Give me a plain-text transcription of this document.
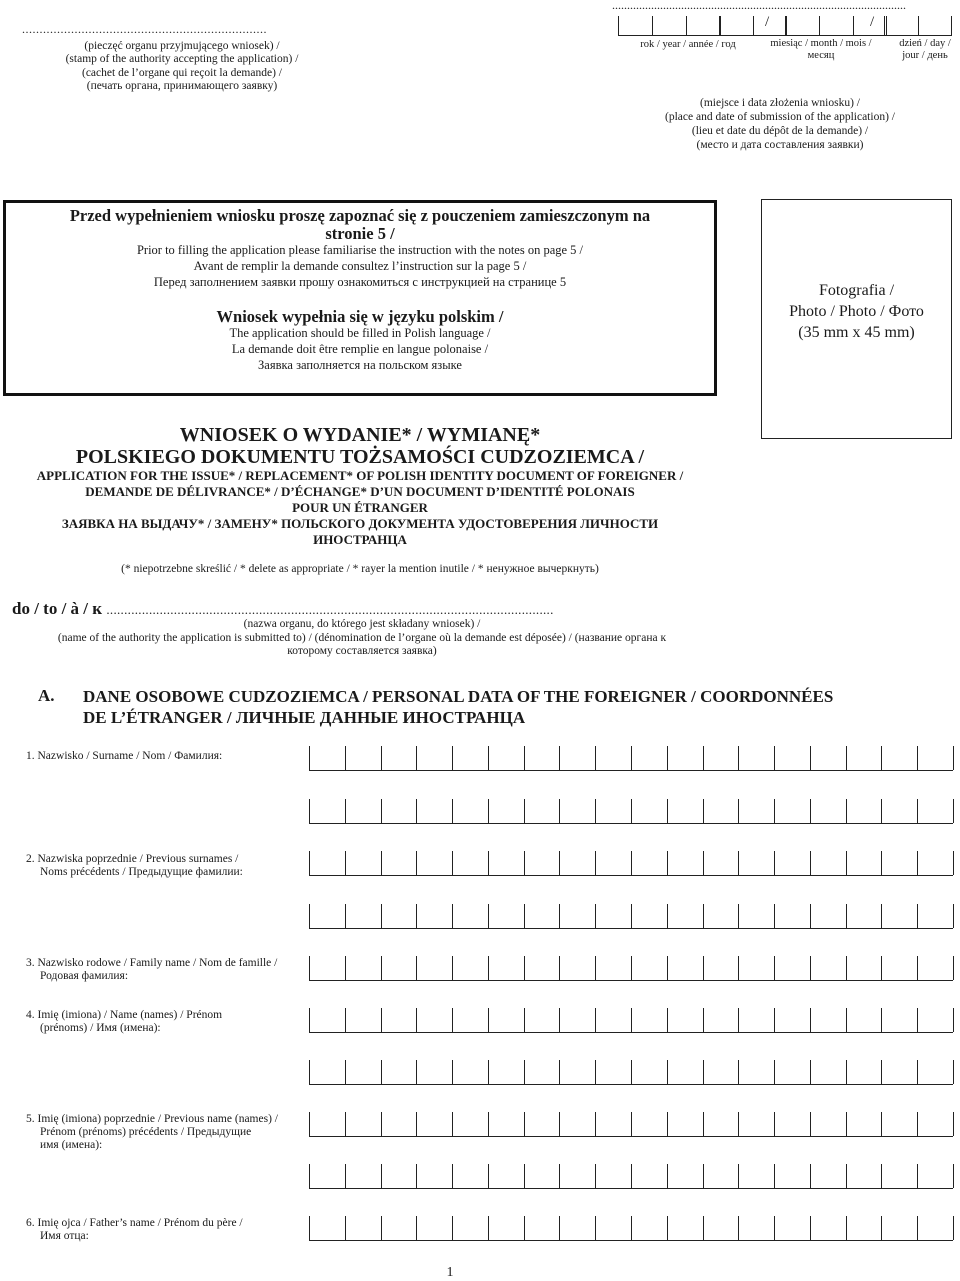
......................................................................
(pieczęć organu przyjmującego wniosek) /
(stamp of the authority accepting the application) /
(cachet de l’organe qui reçoit la demande) /
(печать органа, принимающего заявку)
..................................................................................................
rok / year / année / год	miesiąc / month / mois / месяц
dzień / day / jour / день
/	/
(miejsce i data złożenia wniosku) /
(place and date of submission of the application) /
(lieu et date du dépôt de la demande) /
(место и дата составления заявки)
Przed wypełnieniem wniosku proszę zapoznać się z pouczeniem zamieszczonym na stronie 5 /
Prior to filling the application please familiarise the instruction with the notes on page 5 /
Avant de remplir la demande consultez l’instruction sur la page 5 /
Перед заполнением заявки прошу ознакомиться с инструкцией на странице 5
Wniosek wypełnia się w języku polskim /
The application should be filled in Polish language /
La demande doit être remplie en langue polonaise /
Заявка заполняется на польском языке
Fotografia /
Photo / Photo / Фото
(35 mm x 45 mm)
WNIOSEK O WYDANIE* / WYMIANĘ*
POLSKIEGO DOKUMENTU TOŻSAMOŚCI CUDZOZIEMCA /
APPLICATION FOR THE ISSUE* / REPLACEMENT* OF POLISH IDENTITY DOCUMENT OF FOREIGNER /
DEMANDE DE DÉLIVRANCE* / D’ÉCHANGE* D’UN DOCUMENT D’IDENTITÉ POLONAIS
POUR UN ÉTRANGER
ЗАЯВКА НА ВЫДАЧУ* / ЗАМЕНУ* ПОЛЬСКОГО ДОКУМЕНТА УДОСТОВЕРЕНИЯ ЛИЧНОСТИ
ИНОСТРАНЦА
(* niepotrzebne skreślić / * delete as appropriate / * rayer la mention inutile / * ненужное вычеркнуть)
do / to / à / к ..............................................................................................................................
(nazwa organu, do którego jest składany wniosek) /
(name of the authority the application is submitted to) / (dénomination de l’organe où la demande est déposée) / (название органа к
которому составляется заявка)
A. DANE OSOBOWE CUDZOZIEMCA / PERSONAL DATA OF THE FOREIGNER / COORDONNÉES
DE L’ÉTRANGER / ЛИЧНЫЕ ДАННЫЕ ИНОСТРАНЦА
1. Nazwisko / Surname / Nom / Фамилия:
2. Nazwiska poprzednie / Previous surnames /
Noms précédents / Предыдущие фамилии:
3. Nazwisko rodowe / Family name / Nom de famille /
Родовая фамилия:
4. Imię (imiona) / Name (names) / Prénom
(prénoms) / Имя (имена):
5. Imię (imiona) poprzednie / Previous name (names) /
Prénom (prénoms) précédents / Предыдущие
имя (имена):
6. Imię ojca / Father’s name / Prénom du père /
Имя отца:
1
